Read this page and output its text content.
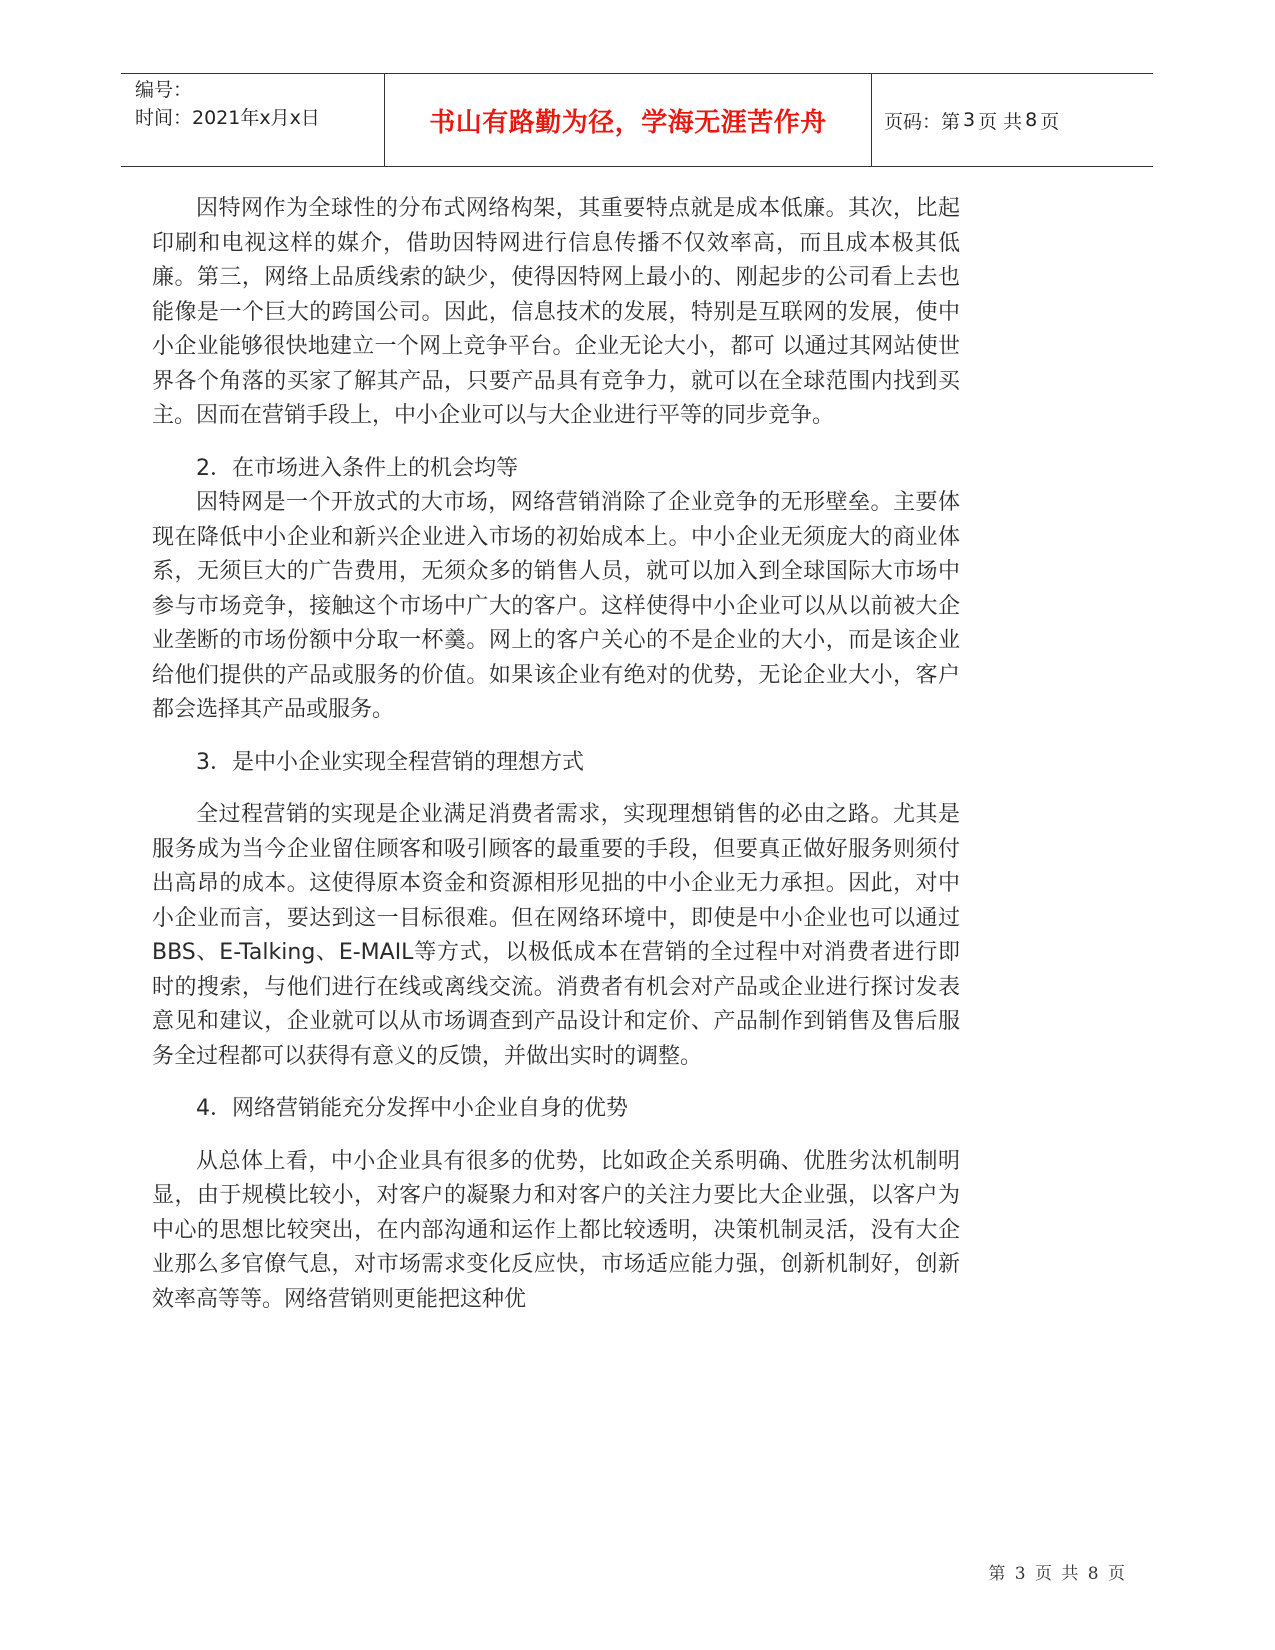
编号：
时间：2021年x月x日	书山有路勤为径，学海无涯苦作舟	页码：第 3 页 共 8 页

因特网作为全球性的分布式网络构架，其重要特点就是成本低廉。其次，比起印刷和电视这样的媒介，借助因特网进行信息传播不仅效率高，而且成本极其低廉。第三，网络上品质线索的缺少，使得因特网上最小的、刚起步的公司看上去也能像是一个巨大的跨国公司。因此，信息技术的发展，特别是互联网的发展，使中小企业能够很快地建立一个网上竞争平台。企业无论大小，都可 以通过其网站使世界各个角落的买家了解其产品，只要产品具有竞争力，就可以在全球范围内找到买主。因而在营销手段上，中小企业可以与大企业进行平等的同步竞争。

2．在市场进入条件上的机会均等

因特网是一个开放式的大市场，网络营销消除了企业竞争的无形壁垒。主要体现在降低中小企业和新兴企业进入市场的初始成本上。中小企业无须庞大的商业体系，无须巨大的广告费用，无须众多的销售人员，就可以加入到全球国际大市场中参与市场竞争，接触这个市场中广大的客户。这样使得中小企业可以从以前被大企业垄断的市场份额中分取一杯羹。网上的客户关心的不是企业的大小，而是该企业给他们提供的产品或服务的价值。如果该企业有绝对的优势，无论企业大小，客户都会选择其产品或服务。

3．是中小企业实现全程营销的理想方式

全过程营销的实现是企业满足消费者需求，实现理想销售的必由之路。尤其是服务成为当今企业留住顾客和吸引顾客的最重要的手段，但要真正做好服务则须付出高昂的成本。这使得原本资金和资源相形见拙的中小企业无力承担。因此，对中小企业而言，要达到这一目标很难。但在网络环境中，即使是中小企业也可以通过BBS、E-Talking、E-MAIL等方式，以极低成本在营销的全过程中对消费者进行即时的搜索，与他们进行在线或离线交流。消费者有机会对产品或企业进行探讨发表意见和建议，企业就可以从市场调查到产品设计和定价、产品制作到销售及售后服务全过程都可以获得有意义的反馈，并做出实时的调整。

4．网络营销能充分发挥中小企业自身的优势

从总体上看，中小企业具有很多的优势，比如政企关系明确、优胜劣汰机制明显，由于规模比较小，对客户的凝聚力和对客户的关注力要比大企业强，以客户为中心的思想比较突出，在内部沟通和运作上都比较透明，决策机制灵活，没有大企业那么多官僚气息，对市场需求变化反应快，市场适应能力强，创新机制好，创新效率高等等。网络营销则更能把这种优

第 3 页 共 8 页
